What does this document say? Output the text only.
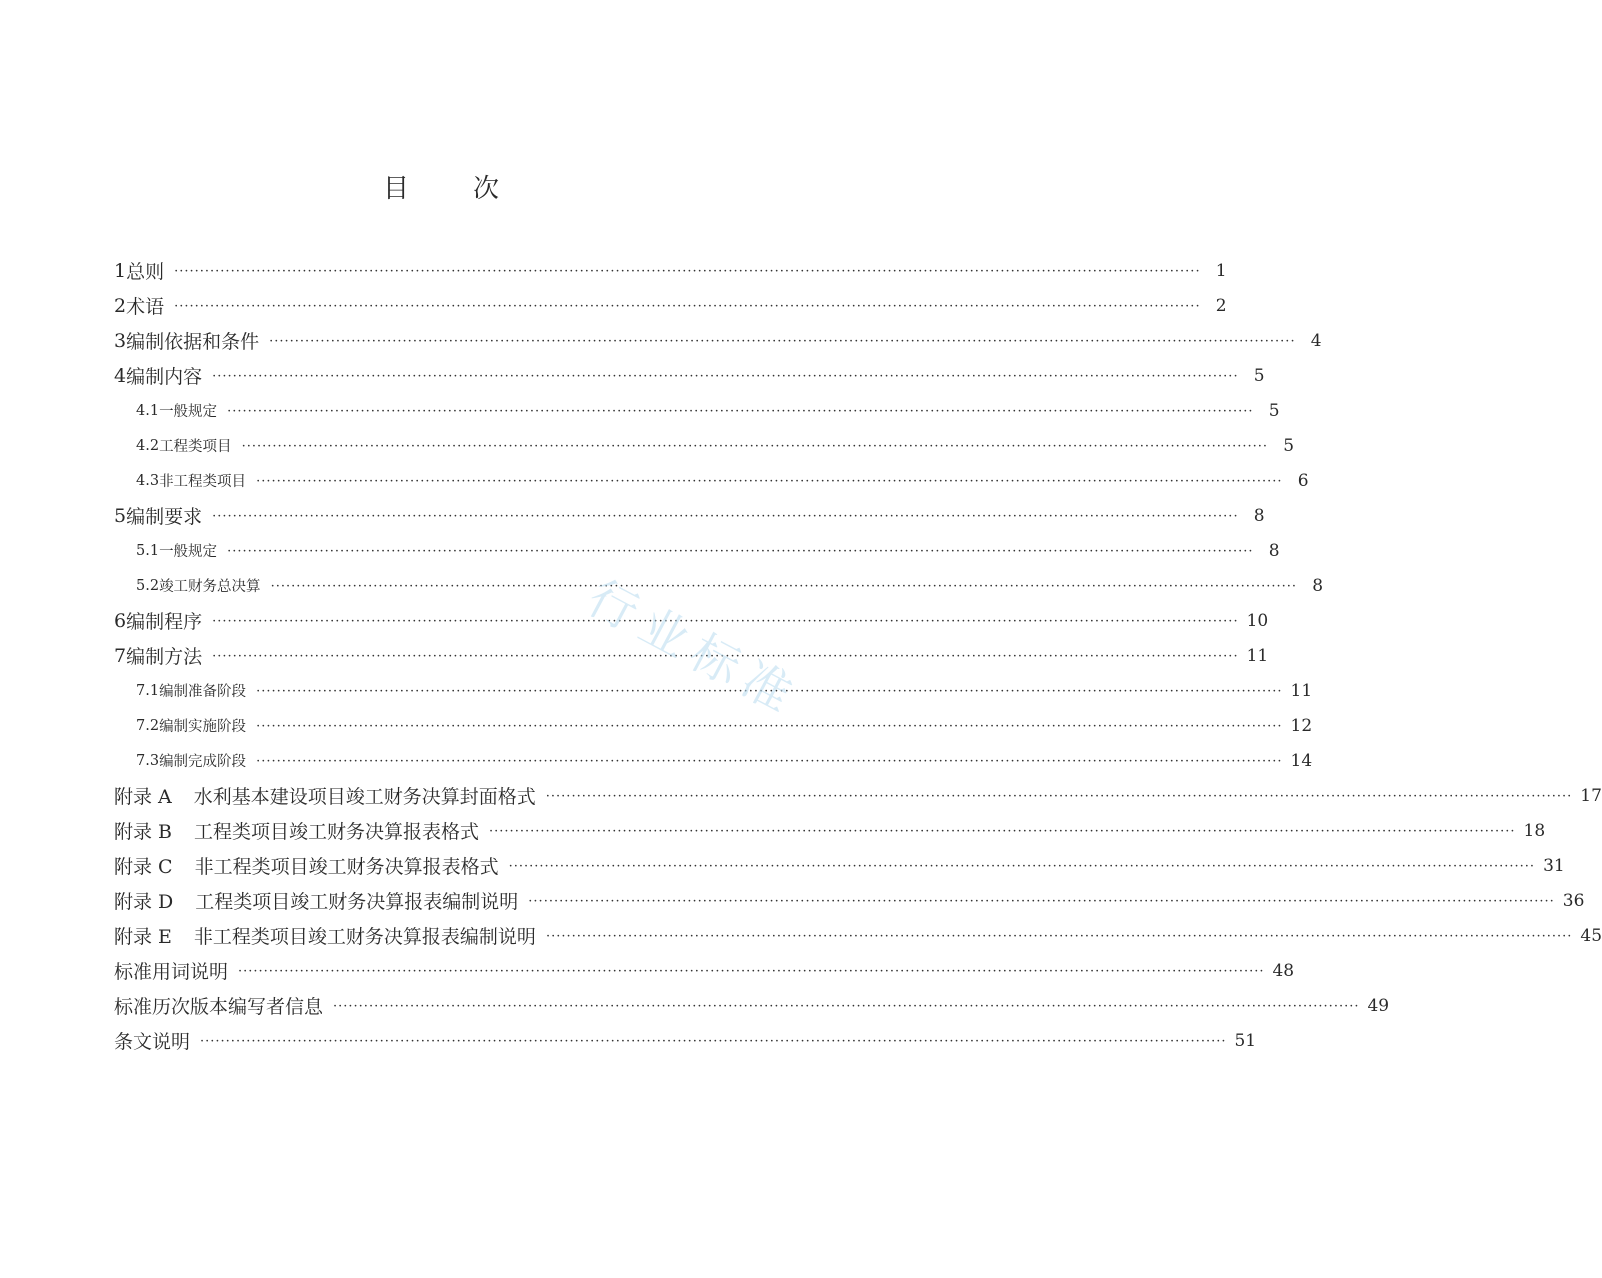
目 次
1 总则 ········································································································································································································ 1
2 术语 ········································································································································································································ 2
3 编制依据和条件 ········································································································································································································ 4
4 编制内容 ········································································································································································································ 5
4.1 一般规定 ········································································································································································································ 5
4.2 工程类项目 ········································································································································································································ 5
4.3 非工程类项目 ········································································································································································································ 6
5 编制要求 ········································································································································································································ 8
5.1 一般规定 ········································································································································································································ 8
5.2 竣工财务总决算 ········································································································································································································ 8
6 编制程序 ········································································································································································································ 10
7 编制方法 ········································································································································································································ 11
7.1 编制准备阶段 ········································································································································································································ 11
7.2 编制实施阶段 ········································································································································································································ 12
7.3 编制完成阶段 ········································································································································································································ 14
附录 A 水利基本建设项目竣工财务决算封面格式 ········································································································································································································ 17
附录 B 工程类项目竣工财务决算报表格式 ········································································································································································································ 18
附录 C 非工程类项目竣工财务决算报表格式 ········································································································································································································ 31
附录 D 工程类项目竣工财务决算报表编制说明 ········································································································································································································ 36
附录 E 非工程类项目竣工财务决算报表编制说明 ········································································································································································································ 45
标准用词说明 ········································································································································································································ 48
标准历次版本编写者信息 ········································································································································································································ 49
条文说明 ········································································································································································································ 51
行业标准
